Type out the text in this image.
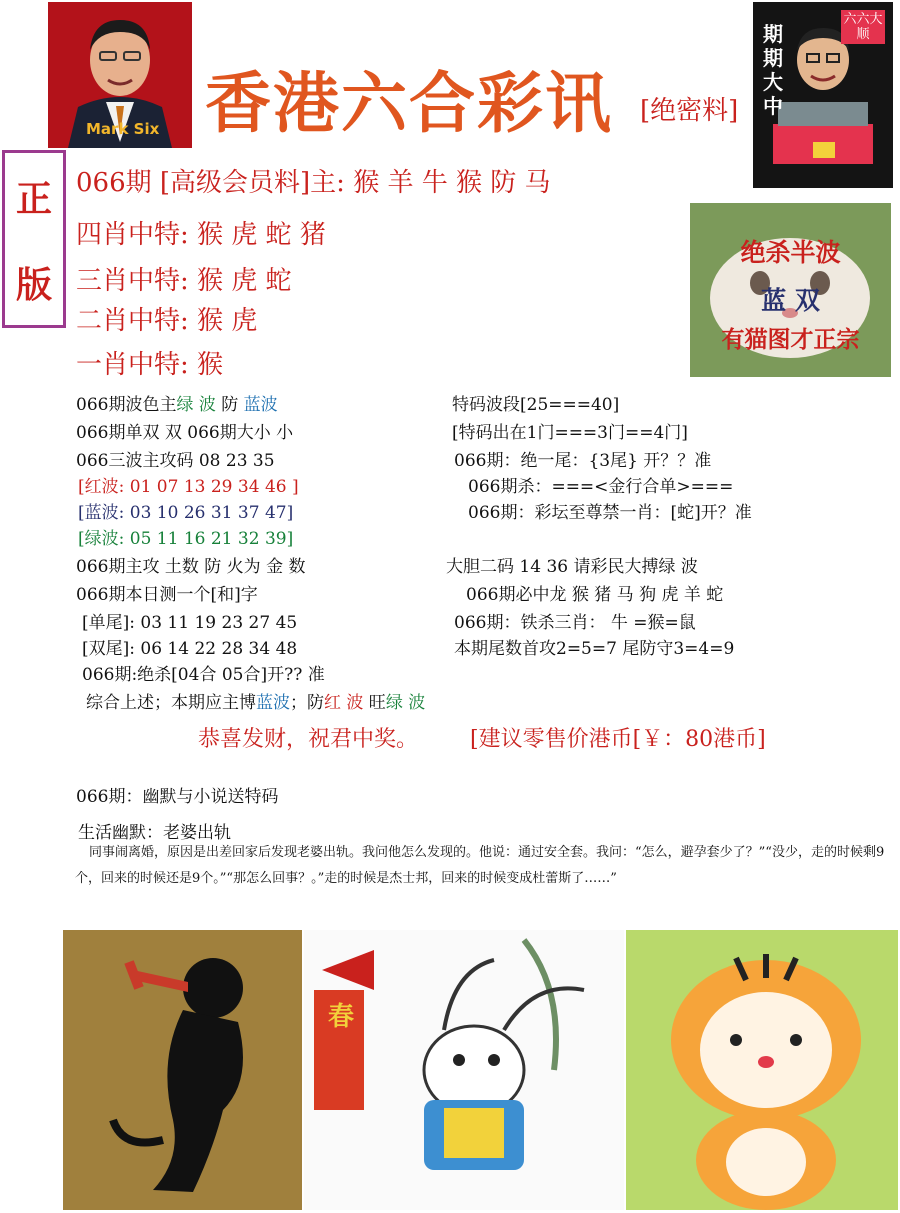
Mark Six 香港六合彩讯 [绝密料]
期期大中
六六大顺
正
版
066期 [高级会员料]主: 猴 羊 牛 猴 防 马
四肖中特: 猴 虎 蛇 猪
三肖中特: 猴 虎 蛇
二肖中特: 猴 虎
一肖中特: 猴
绝杀半波
蓝 双
有猫图才正宗
066期波色主绿 波 防 蓝波
066期单双 双 066期大小 小
066三波主攻码 08 23 35
[红波: 01 07 13 29 34 46 ]
[蓝波: 03 10 26 31 37 47]
[绿波: 05 11 16 21 32 39]
066期主攻 土数 防 火为 金 数
066期本日测一个[和]字
[单尾]: 03 11 19 23 27 45
[双尾]: 06 14 22 28 34 48
066期:绝杀[04合 05合]开?? 准
综合上述；本期应主博蓝波；防红 波 旺绿 波
特码波段[25===40]
[特码出在1门===3门==4门]
066期：绝一尾：{3尾} 开？？准
066期杀：===<金行合单>===
066期：彩坛至尊禁一肖：[蛇]开？准
大胆二码 14 36 请彩民大搏绿 波
066期必中龙 猴 猪 马 狗 虎 羊 蛇
066期：铁杀三肖： 牛 =猴=鼠
本期尾数首攻2=5=7 尾防守3=4=9
恭喜发财，祝君中奖。 [建议零售价港币[￥：80港币]
066期：幽默与小说送特码
生活幽默：老婆出轨
同事闹离婚，原因是出差回家后发现老婆出轨。我问他怎么发现的。他说：通过安全套。我问：“怎么，避孕套少了？”“没少，走的时候剩9个，回来的时候还是9个。”“那怎么回事？。”走的时候是杰士邦，回来的时候变成杜蕾斯了……”
春
